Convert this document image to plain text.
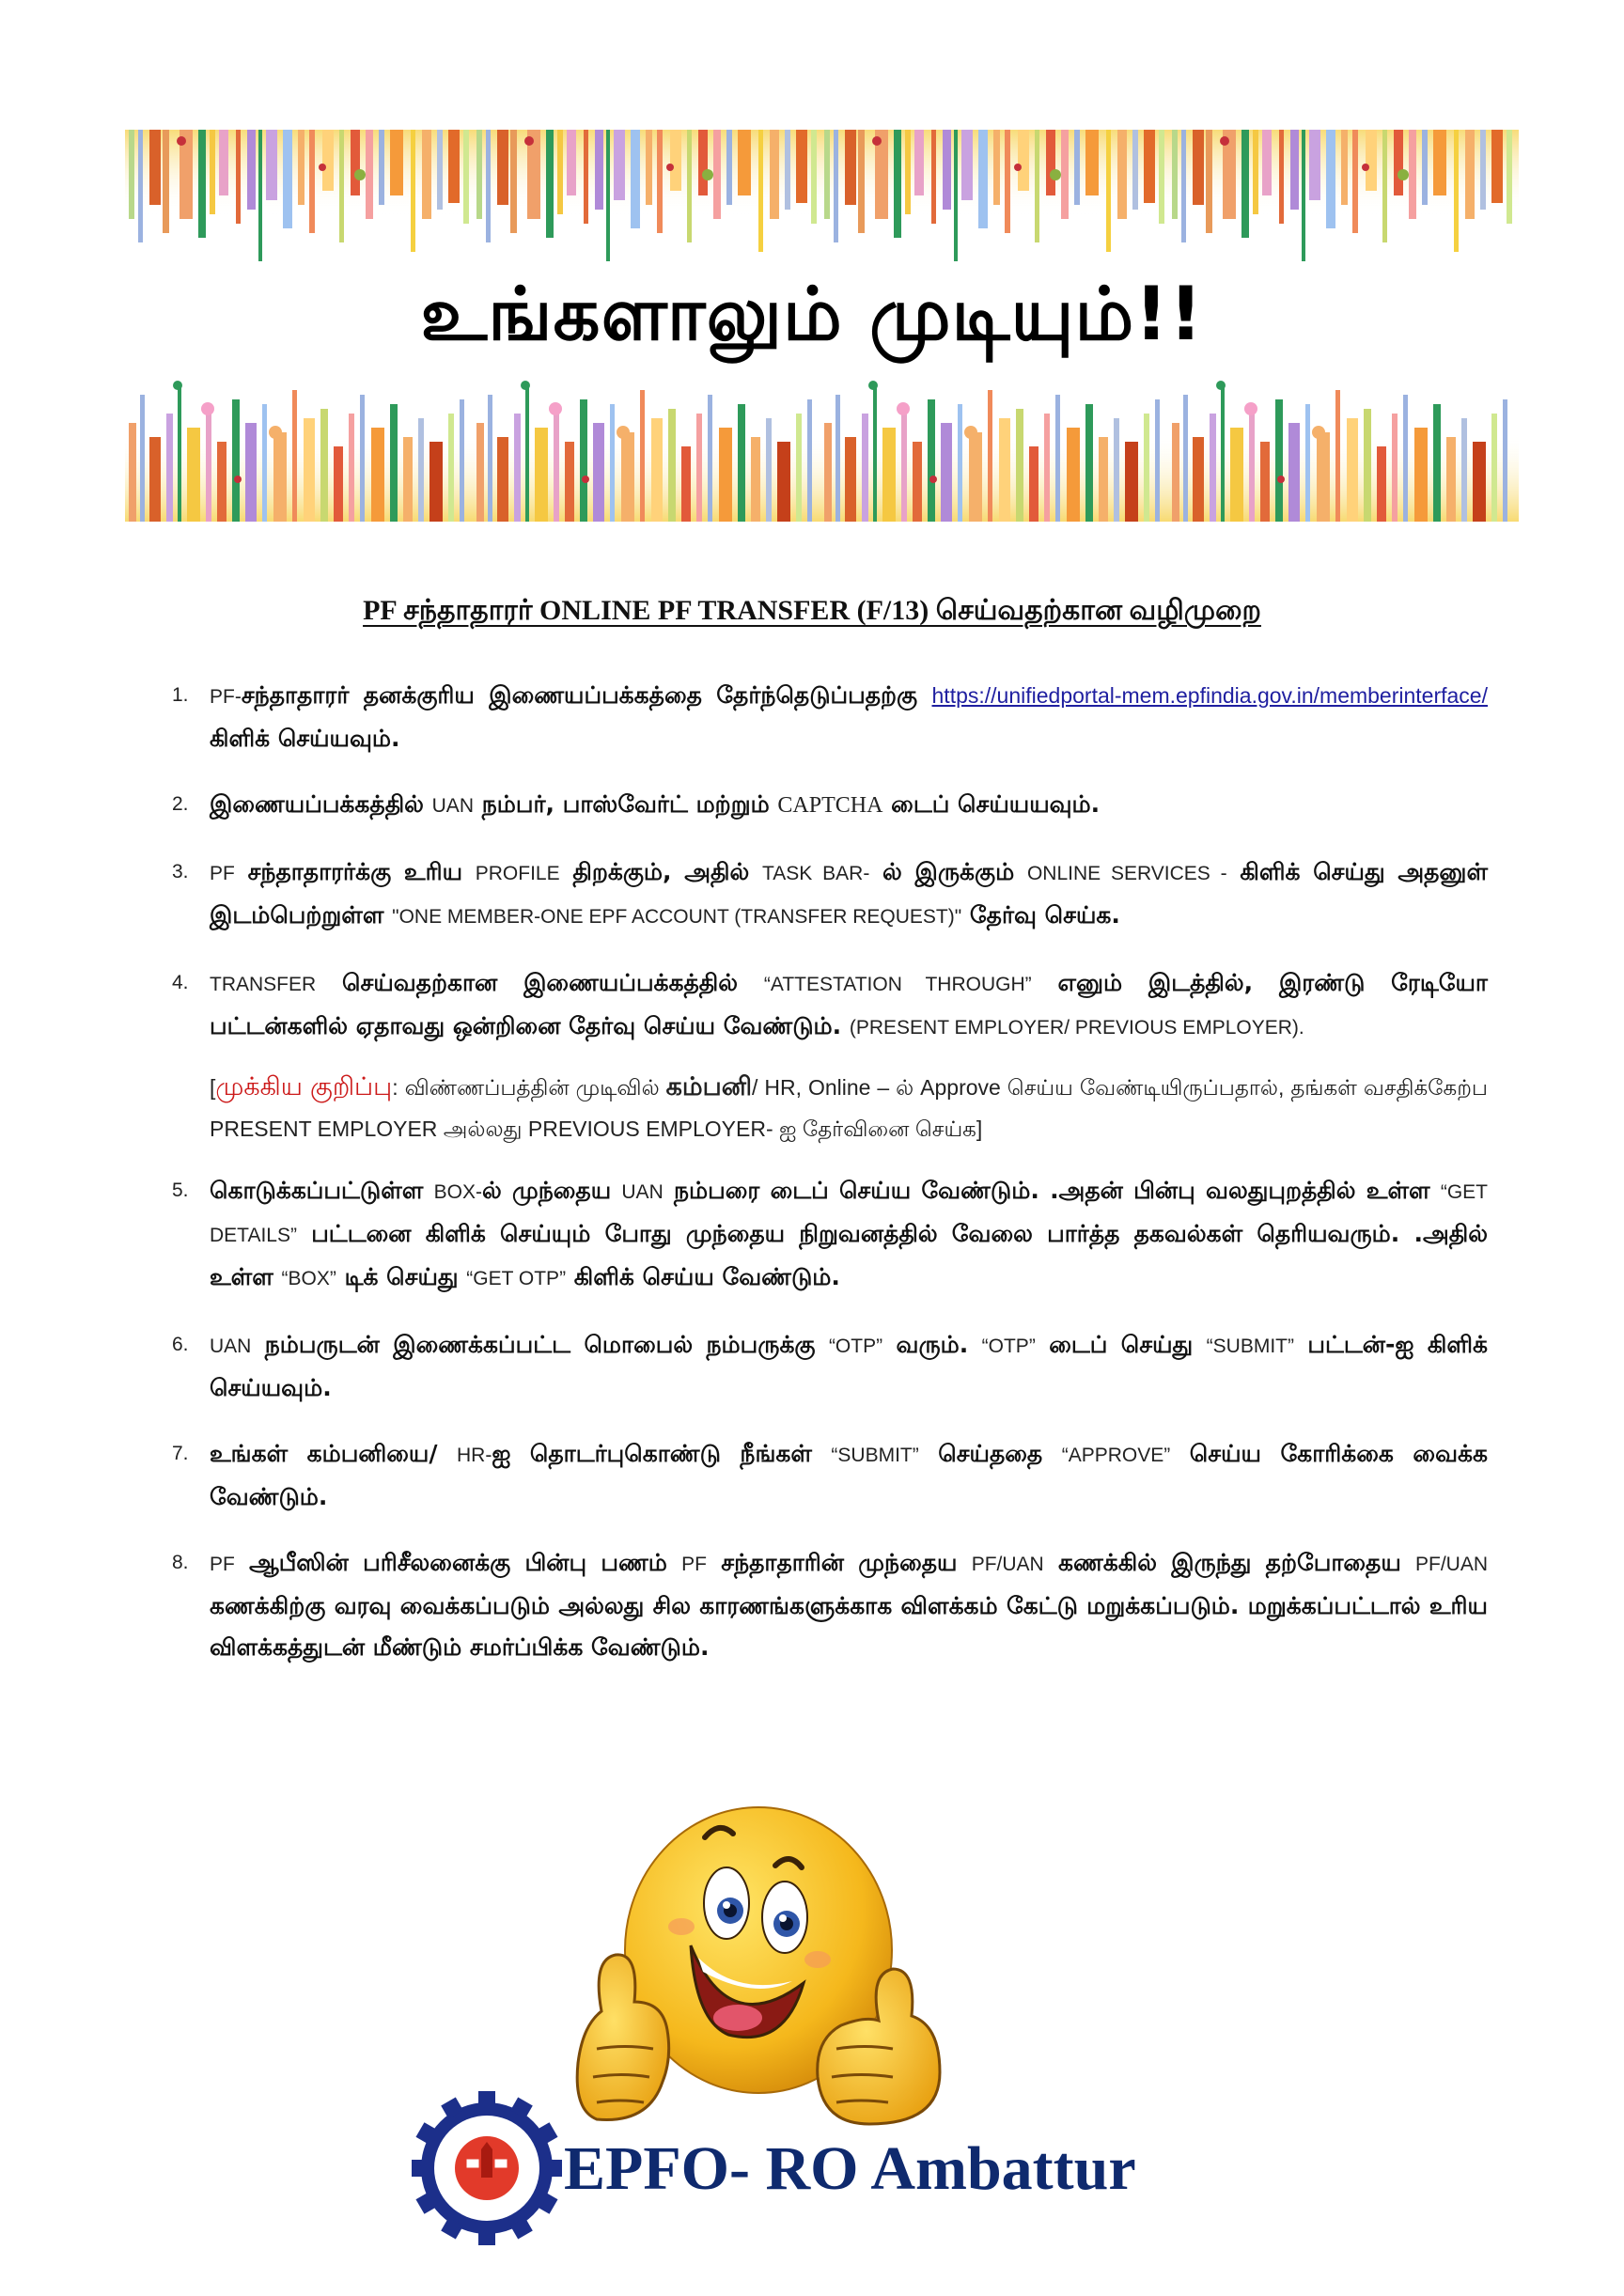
உங்களாலும் முடியும்!!
PF சந்தாதாரர் ONLINE PF TRANSFER (F/13) செய்வதற்கான வழிமுறை
1. PF-சந்தாதாரர் தனக்குரிய இணையப்பக்கத்தை தேர்ந்தெடுப்பதற்கு https://unifiedportal-mem.epfindia.gov.in/memberinterface/ கிளிக் செய்யவும்.
2. இணையப்பக்கத்தில் UAN நம்பர், பாஸ்வேர்ட் மற்றும் CAPTCHA டைப் செய்யயவும்.
3. PF சந்தாதாரர்க்கு உரிய PROFILE திறக்கும், அதில் TASK BAR- ல் இருக்கும் ONLINE SERVICES - கிளிக் செய்து அதனுள் இடம்பெற்றுள்ள "ONE MEMBER-ONE EPF ACCOUNT (TRANSFER REQUEST)" தேர்வு செய்க.
4. TRANSFER செய்வதற்கான இணையப்பக்கத்தில் “ATTESTATION THROUGH” எனும் இடத்தில், இரண்டு ரேடியோ பட்டன்களில் ஏதாவது ஒன்றினை தேர்வு செய்ய வேண்டும். (PRESENT EMPLOYER/ PREVIOUS EMPLOYER).
[முக்கிய குறிப்பு: விண்ணப்பத்தின் முடிவில் கம்பனி/ HR, Online – ல் Approve செய்ய வேண்டியிருப்பதால், தங்கள் வசதிக்கேற்ப PRESENT EMPLOYER அல்லது PREVIOUS EMPLOYER- ஐ தேர்வினை செய்க]
5. கொடுக்கப்பட்டுள்ள BOX-ல் முந்தைய UAN நம்பரை டைப் செய்ய வேண்டும். .அதன் பின்பு வலதுபுறத்தில் உள்ள “GET DETAILS” பட்டனை கிளிக் செய்யும் போது முந்தைய நிறுவனத்தில் வேலை பார்த்த தகவல்கள் தெரியவரும். .அதில் உள்ள “BOX” டிக் செய்து “GET OTP” கிளிக் செய்ய வேண்டும்.
6. UAN நம்பருடன் இணைக்கப்பட்ட மொபைல் நம்பருக்கு “OTP” வரும். “OTP” டைப் செய்து “SUBMIT” பட்டன்-ஐ கிளிக் செய்யவும்.
7. உங்கள் கம்பனியை/ HR-ஐ தொடர்புகொண்டு நீங்கள் “SUBMIT” செய்ததை “APPROVE” செய்ய கோரிக்கை வைக்க வேண்டும்.
8. PF ஆபீஸின் பரிசீலனைக்கு பின்பு பணம் PF சந்தாதாரின் முந்தைய PF/UAN கணக்கில் இருந்து தற்போதைய PF/UAN கணக்கிற்கு வரவு வைக்கப்படும் அல்லது சில காரணங்களுக்காக விளக்கம் கேட்டு மறுக்கப்படும். மறுக்கப்பட்டால் உரிய விளக்கத்துடன் மீண்டும் சமர்ப்பிக்க வேண்டும்.
EPFO- RO Ambattur
